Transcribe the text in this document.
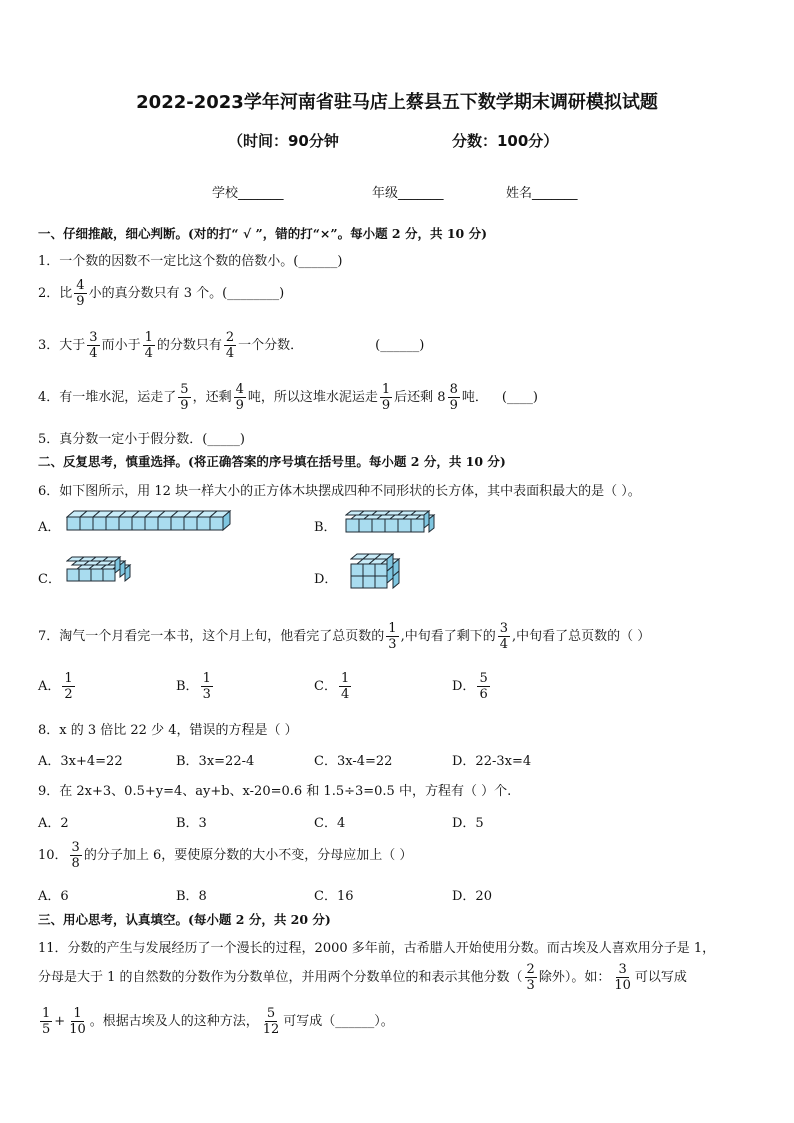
2022-2023学年河南省驻马店上蔡县五下数学期末调研模拟试题
（时间：90分钟	分数：100分）
学校_______	年级_______	姓名_______
一、仔细推敲，细心判断。(对的打“ √ ”，错的打“×”。每小题 2 分，共 10 分)
1．一个数的因数不一定比这个数的倍数小。(______)
2．比 $\frac{4}{9}$ 小的真分数只有 3 个。(________)
3．大于 $\frac{3}{4}$ 而小于 $\frac{1}{4}$ 的分数只有 $\frac{2}{4}$ 一个分数．	(______)
4．有一堆水泥，运走了 $\frac{5}{9}$ ，还剩 $\frac{4}{9}$ 吨，所以这堆水泥运走 $\frac{1}{9}$ 后还剩 $8 \frac{8}{9}$ 吨． (____)
5．真分数一定小于假分数．(_____)
二、反复思考，慎重选择。(将正确答案的序号填在括号里。每小题 2 分，共 10 分)
6．如下图所示，用 12 块一样大小的正方体木块摆成四种不同形状的长方体，其中表面积最大的是（ ）。
A．	B．
C．	D．
7．淘气一个月看完一本书，这个月上旬，他看完了总页数的 $\frac{1}{3}$ ,中旬看了剩下的 $\frac{3}{4}$ ,中旬看了总页数的（ ）
A． $\frac{1}{2}$	B． $\frac{1}{3}$	C． $\frac{1}{4}$	D． $\frac{5}{6}$
8．x 的 3 倍比 22 少 4，错误的方程是（ ）
A．3x+4=22	B．3x=22-4	C．3x-4=22	D．22-3x=4
9．在 2x+3、0.5+y=4、ay+b、x-20=0.6 和 1.5÷3=0.5 中，方程有（ ）个.
A．2	B．3	C．4	D．5
10． $\frac{3}{8}$ 的分子加上 6，要使原分数的大小不变，分母应加上（ ）
A．6	B．8	C．16	D．20
三、用心思考，认真填空。(每小题 2 分，共 20 分)
11．分数的产生与发展经历了一个漫长的过程，2000 多年前，古希腊人开始使用分数。而古埃及人喜欢用分子是 1，
分母是大于 1 的自然数的分数作为分数单位，并用两个分数单位的和表示其他分数（ $\frac{2}{3}$ 除外）。如： $\frac{3}{10}$ 可以写成
$\frac{1}{5} + \frac{1}{10}$ 。根据古埃及人的这种方法， $\frac{5}{12}$ 可写成（______）。
